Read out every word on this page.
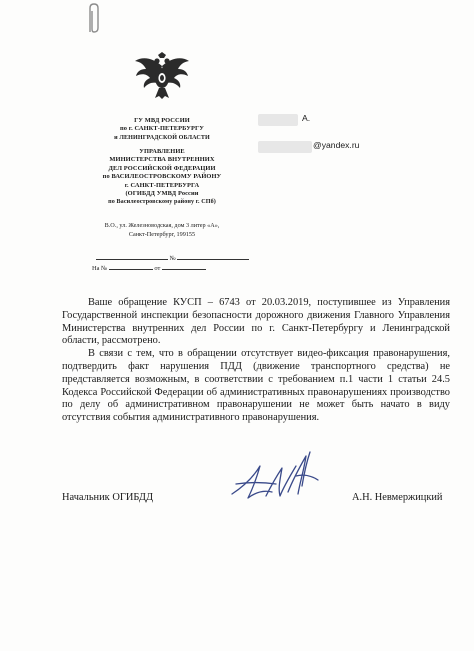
ГУ МВД РОССИИ
по г. САНКТ-ПЕТЕРБУРГУ
и ЛЕНИНГРАДСКОЙ ОБЛАСТИ
УПРАВЛЕНИЕ
МИНИСТЕРСТВА ВНУТРЕННИХ
ДЕЛ РОССИЙСКОЙ ФЕДЕРАЦИИ
по ВАСИЛЕОСТРОВСКОМУ РАЙОНУ
г. САНКТ-ПЕТЕРБУРГА
(ОГИБДД УМВД России
по Василеостровскому району г. СПб)
В.О., ул. Железноводская, дом 3 литер «А»,
Санкт-Петербург, 199155
№
На №	от
А.
@yandex.ru

Ваше обращение КУСП – 6743 от 20.03.2019, поступившее из Управления Государственной инспекции безопасности дорожного движения Главного Управления Министерства внутренних дел России по г. Санкт-Петербургу и Ленинградской области, рассмотрено.

В связи с тем, что в обращении отсутствует видео-фиксация правонарушения, подтвердить факт нарушения ПДД (движение транспортного средства) не представляется возможным, в соответствии с требованием п.1 части 1 статьи 24.5 Кодекса Российской Федерации об административных правонарушениях производство по делу об административном правонарушении не может быть начато в виду отсутствия события административного правонарушения.

Начальник ОГИБДД	А.Н. Невмержицкий
